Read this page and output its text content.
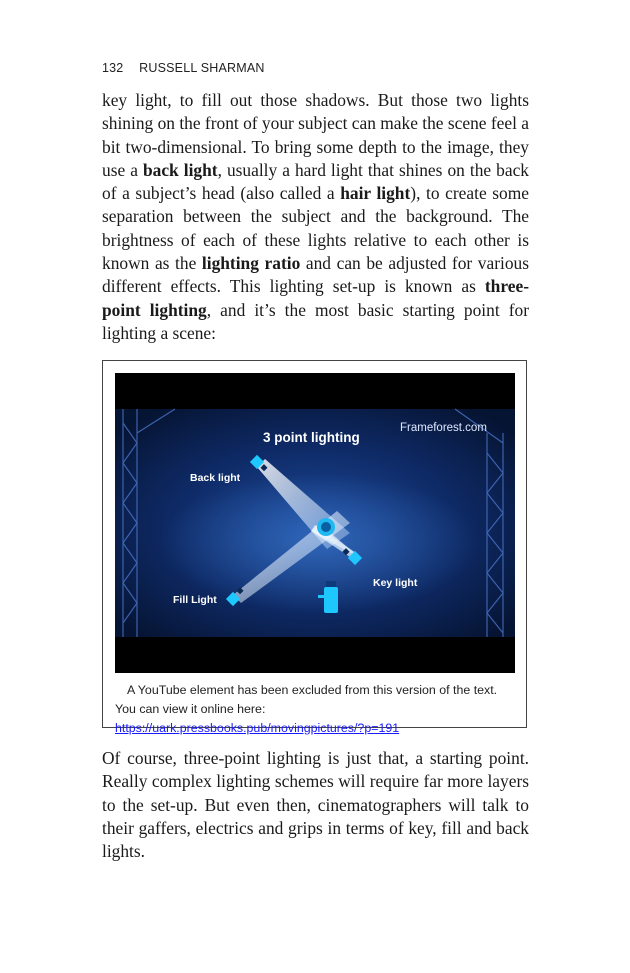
132 RUSSELL SHARMAN
key light, to fill out those shadows. But those two lights shining on the front of your subject can make the scene feel a bit two-dimensional. To bring some depth to the image, they use a back light, usually a hard light that shines on the back of a subject’s head (also called a hair light), to create some separation between the subject and the background. The brightness of each of these lights relative to each other is known as the lighting ratio and can be adjusted for various different effects. This lighting set-up is known as three-point lighting, and it’s the most basic starting point for lighting a scene:
3 point lighting
Frameforest.com
Back light
Fill Light
Key light
A YouTube element has been excluded from this version of the text. You can view it online here: https://uark.pressbooks.pub/movingpictures/?p=191
Of course, three-point lighting is just that, a starting point. Really complex lighting schemes will require far more layers to the set-up. But even then, cinematographers will talk to their gaffers, electrics and grips in terms of key, fill and back lights.
